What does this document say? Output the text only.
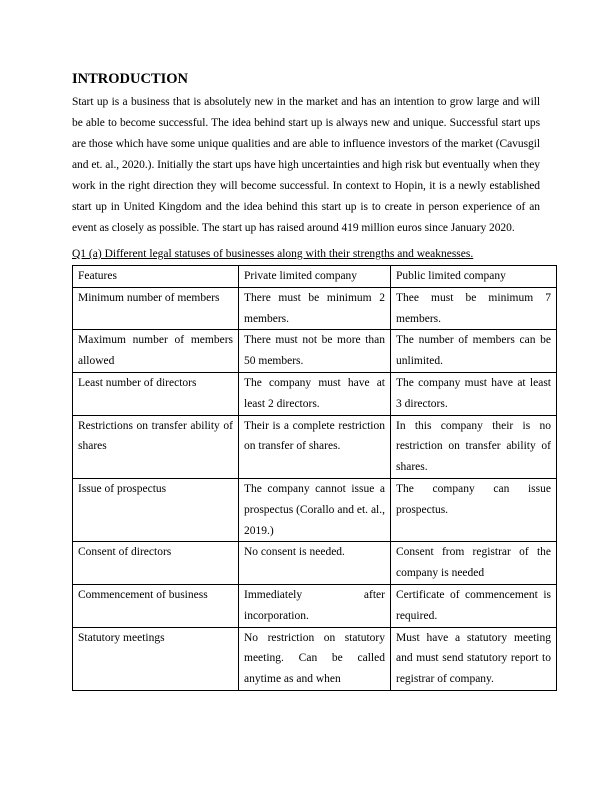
INTRODUCTION

Start up is a business that is absolutely new in the market and has an intention to grow large and will be able to become successful. The idea behind start up is always new and unique. Successful start ups are those which have some unique qualities and are able to influence investors of the market (Cavusgil and et. al., 2020.). Initially the start ups have high uncertainties and high risk but eventually when they work in the right direction they will become successful. In context to Hopin, it is a newly established start up in United Kingdom and the idea behind this start up is to create in person experience of an event as closely as possible. The start up has raised around 419 million euros since January 2020.

Q1 (a) Different legal statuses of businesses along with their strengths and weaknesses.

Features	Private limited company	Public limited company
Minimum number of members	There must be minimum 2 members.	Thee must be minimum 7 members.
Maximum number of members allowed	There must not be more than 50 members.	The number of members can be unlimited.
Least number of directors	The company must have at least 2 directors.	The company must have at least 3 directors.
Restrictions on transfer ability of shares	Their is a complete restriction on transfer of shares.	In this company their is no restriction on transfer ability of shares.
Issue of prospectus	The company cannot issue a prospectus (Corallo and et. al., 2019.)	The company can issue prospectus.
Consent of directors	No consent is needed.	Consent from registrar of the company is needed
Commencement of business	Immediately after incorporation.	Certificate of commencement is required.
Statutory meetings	No restriction on statutory meeting. Can be called anytime as and when	Must have a statutory meeting and must send statutory report to registrar of company.
